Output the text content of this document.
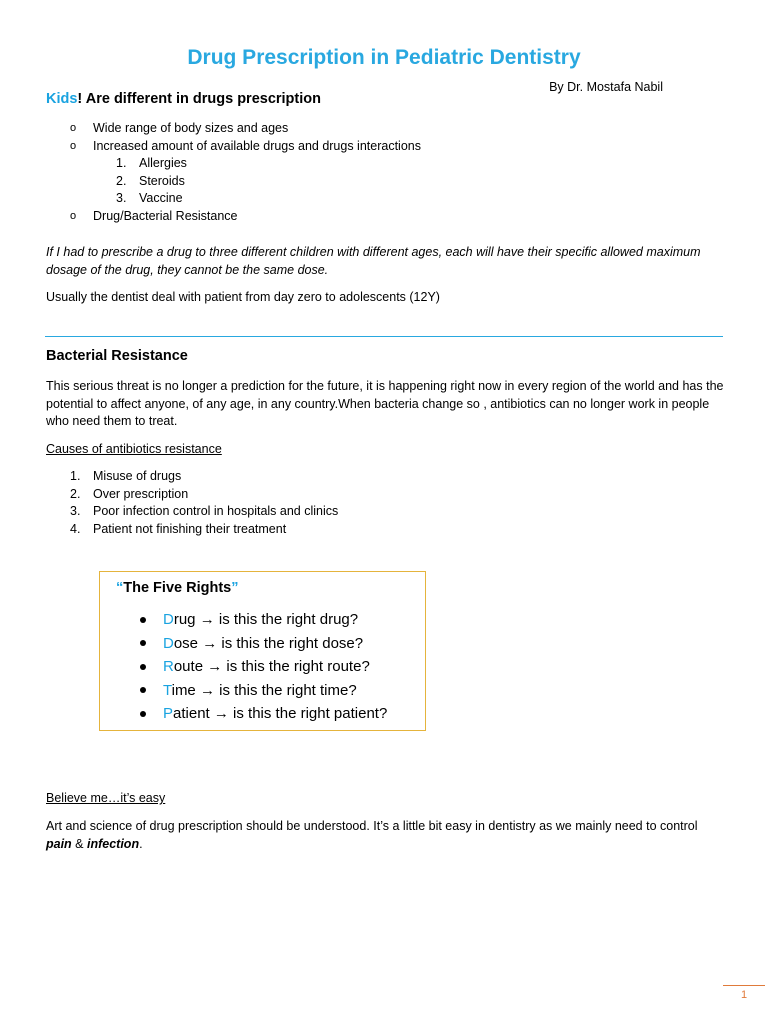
Drug Prescription in Pediatric Dentistry
By Dr. Mostafa Nabil
Kids! Are different in drugs prescription
o Wide range of body sizes and ages
o Increased amount of available drugs and drugs interactions
1. Allergies
2. Steroids
3. Vaccine
o Drug/Bacterial Resistance

If I had to prescribe a drug to three different children with different ages, each will have their specific allowed maximum dosage of the drug, they cannot be the same dose.

Usually the dentist deal with patient from day zero to adolescents (12Y)

Bacterial Resistance

This serious threat is no longer a prediction for the future, it is happening right now in every region of the world and has the potential to affect anyone, of any age, in any country.When bacteria change so , antibiotics can no longer work in people who need them to treat.

Causes of antibiotics resistance

1. Misuse of drugs
2. Over prescription
3. Poor infection control in hospitals and clinics
4. Patient not finishing their treatment
“The Five Rights”
Drug → is this the right drug?
Dose → is this the right dose?
Route → is this the right route?
Time → is this the right time?
Patient → is this the right patient?

Believe me…it’s easy

Art and science of drug prescription should be understood. It’s a little bit easy in dentistry as we mainly need to control pain & infection.

1
